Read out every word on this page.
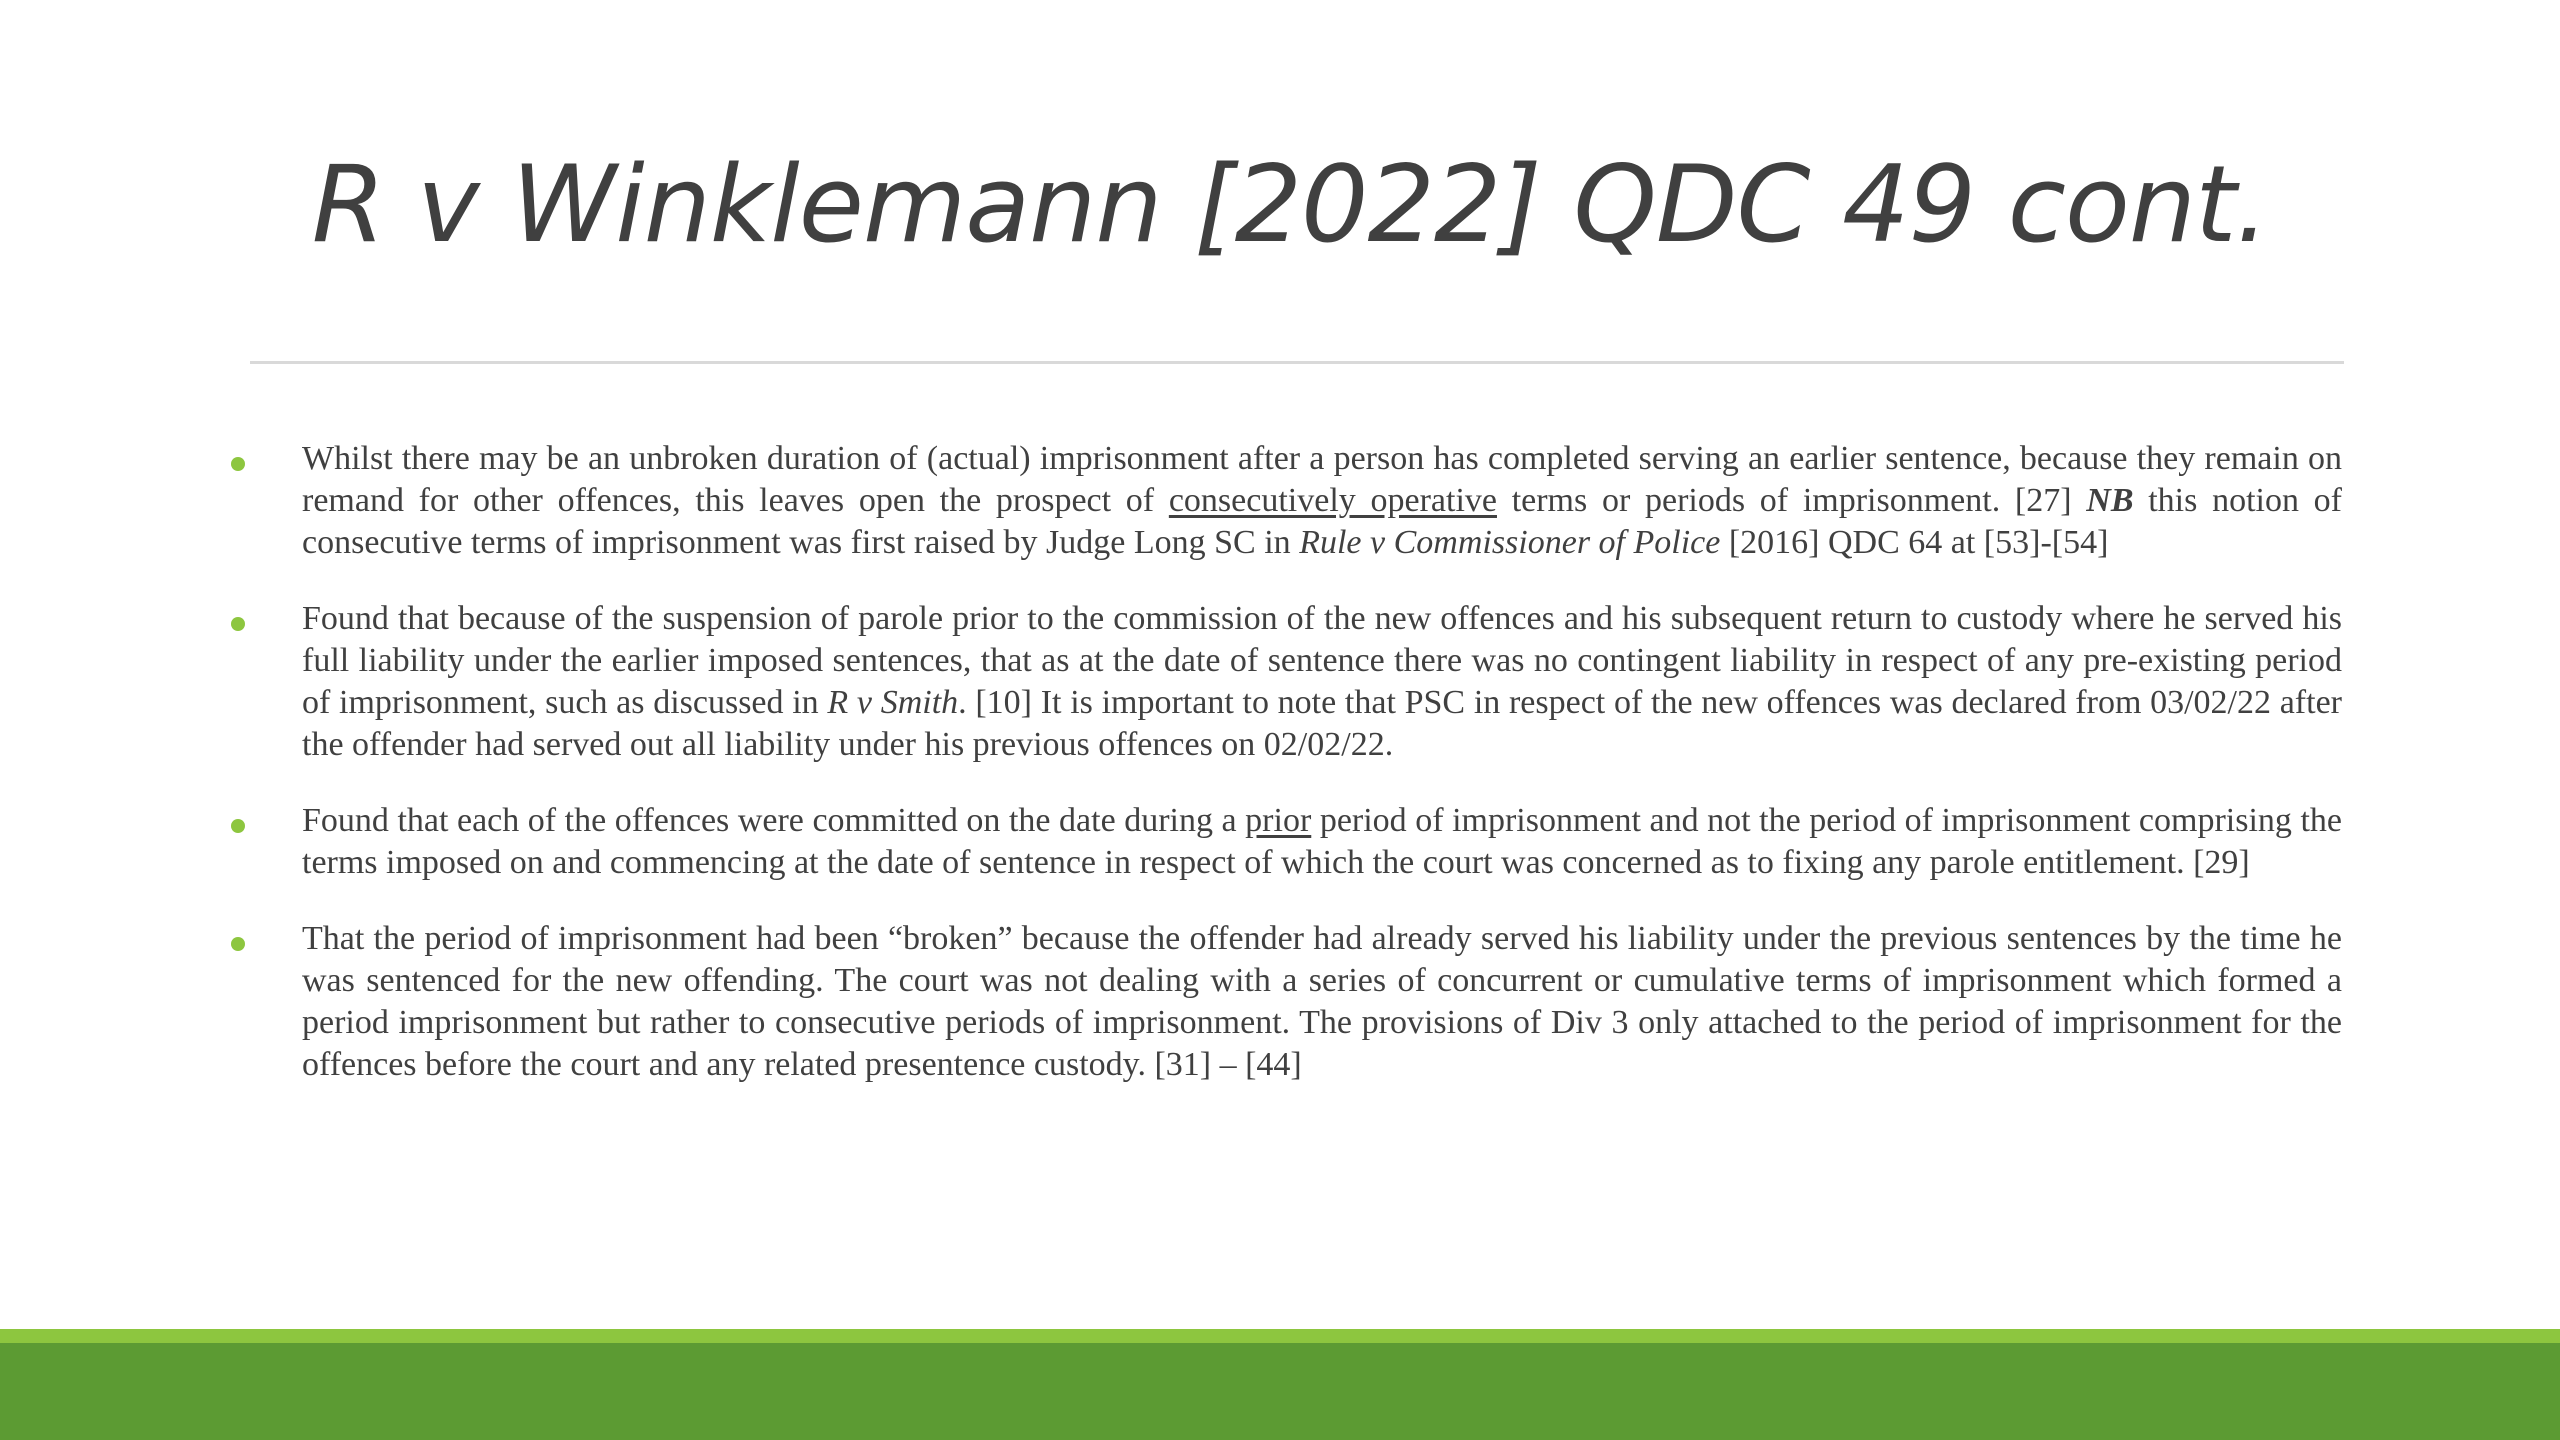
R v Winklemann [2022] QDC 49 cont.

Whilst there may be an unbroken duration of (actual) imprisonment after a person has completed serving an earlier sentence, because they remain on remand for other offences, this leaves open the prospect of consecutively operative terms or periods of imprisonment. [27] NB this notion of consecutive terms of imprisonment was first raised by Judge Long SC in Rule v Commissioner of Police [2016] QDC 64 at [53]-[54]

Found that because of the suspension of parole prior to the commission of the new offences and his subsequent return to custody where he served his full liability under the earlier imposed sentences, that as at the date of sentence there was no contingent liability in respect of any pre-existing period of imprisonment, such as discussed in R v Smith. [10] It is important to note that PSC in respect of the new offences was declared from 03/02/22 after the offender had served out all liability under his previous offences on 02/02/22.

Found that each of the offences were committed on the date during a prior period of imprisonment and not the period of imprisonment comprising the terms imposed on and commencing at the date of sentence in respect of which the court was concerned as to fixing any parole entitlement. [29]

That the period of imprisonment had been “broken” because the offender had already served his liability under the previous sentences by the time he was sentenced for the new offending. The court was not dealing with a series of concurrent or cumulative terms of imprisonment which formed a period imprisonment but rather to consecutive periods of imprisonment. The provisions of Div 3 only attached to the period of imprisonment for the offences before the court and any related presentence custody. [31] – [44]
